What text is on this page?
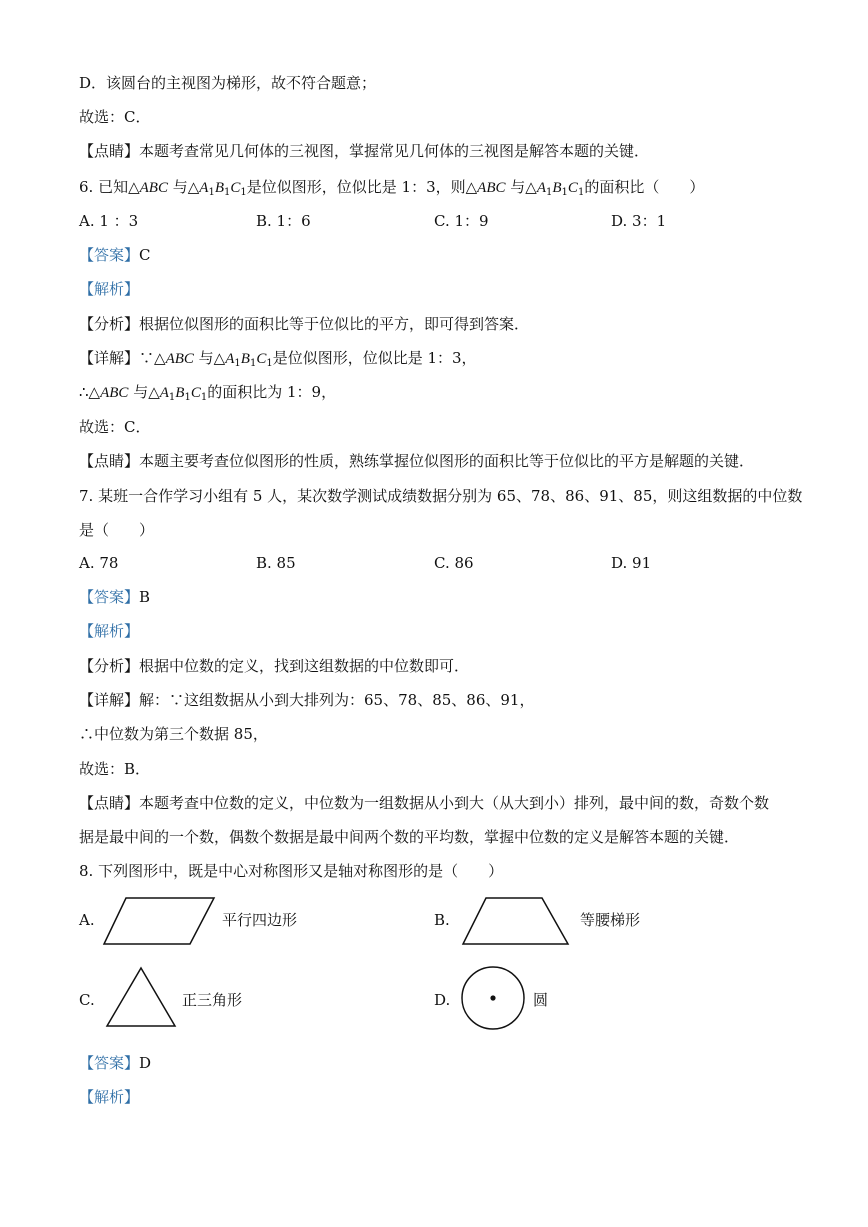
D．该圆台的主视图为梯形，故不符合题意；
故选：C．
【点睛】本题考查常见几何体的三视图，掌握常见几何体的三视图是解答本题的关键．
6. 已知△ABC 与$\triangle A_1B_1C_1$是位似图形，位似比是 1：3，则△ABC 与$\triangle A_1B_1C_1$的面积比（　　）
A. 1 ：3	B. 1：6	C. 1：9	D. 3：1
【答案】C
【解析】
【分析】根据位似图形的面积比等于位似比的平方，即可得到答案．
【详解】∵△ABC 与$\triangle A_1B_1C_1$是位似图形，位似比是 1：3，
∴△ABC 与$\triangle A_1B_1C_1$的面积比为 1：9，
故选：C．
【点睛】本题主要考查位似图形的性质，熟练掌握位似图形的面积比等于位似比的平方是解题的关键．
7. 某班一合作学习小组有 5 人，某次数学测试成绩数据分别为 65、78、86、91、85，则这组数据的中位数
是（　　）
A. 78	B. 85	C. 86	D. 91
【答案】B
【解析】
【分析】根据中位数的定义，找到这组数据的中位数即可．
【详解】解：∵这组数据从小到大排列为：65、78、85、86、91，
∴中位数为第三个数据 85，
故选：B．
【点睛】本题考查中位数的定义，中位数为一组数据从小到大（从大到小）排列，最中间的数，奇数个数
据是最中间的一个数，偶数个数据是最中间两个数的平均数，掌握中位数的定义是解答本题的关键．
8. 下列图形中，既是中心对称图形又是轴对称图形的是（　　）
A.	平行四边形	B.	等腰梯形
C.	正三角形	D.	圆
【答案】D
【解析】
